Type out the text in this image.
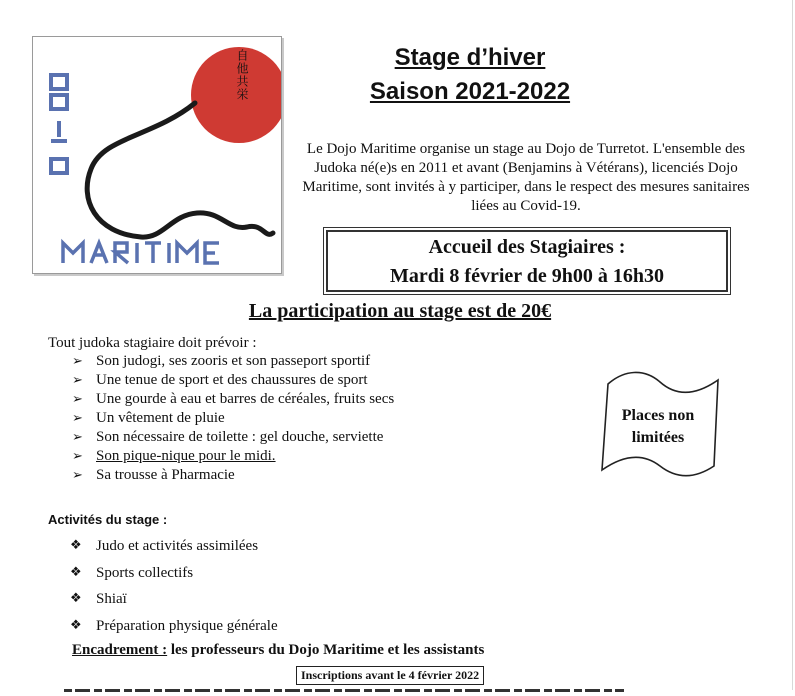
自他共栄	Stage d’hiver
Saison 2021-2022
Le Dojo Maritime organise un stage au Dojo de Turretot. L'ensemble des Judoka né(e)s en 2011 et avant (Benjamins à Vétérans), licenciés Dojo Maritime, sont invités à y participer, dans le respect des mesures sanitaires liées au Covid-19.
Accueil des Stagiaires :
Mardi 8 février de 9h00 à 16h30
La participation au stage est de 20€
Tout judoka stagiaire doit prévoir :
➢ Son judogi, ses zooris et son passeport sportif
➢ Une tenue de sport et des chaussures de sport
➢ Une gourde à eau et barres de céréales, fruits secs
➢ Un vêtement de pluie
➢ Son nécessaire de toilette : gel douche, serviette
➢ Son pique-nique pour le midi.
➢ Sa trousse à Pharmacie
Places non
limitées
Activités du stage :
❖ Judo et activités assimilées
❖ Sports collectifs
❖ Shiaï
❖ Préparation physique générale
Encadrement : les professeurs du Dojo Maritime et les assistants
Inscriptions avant le 4 février 2022
